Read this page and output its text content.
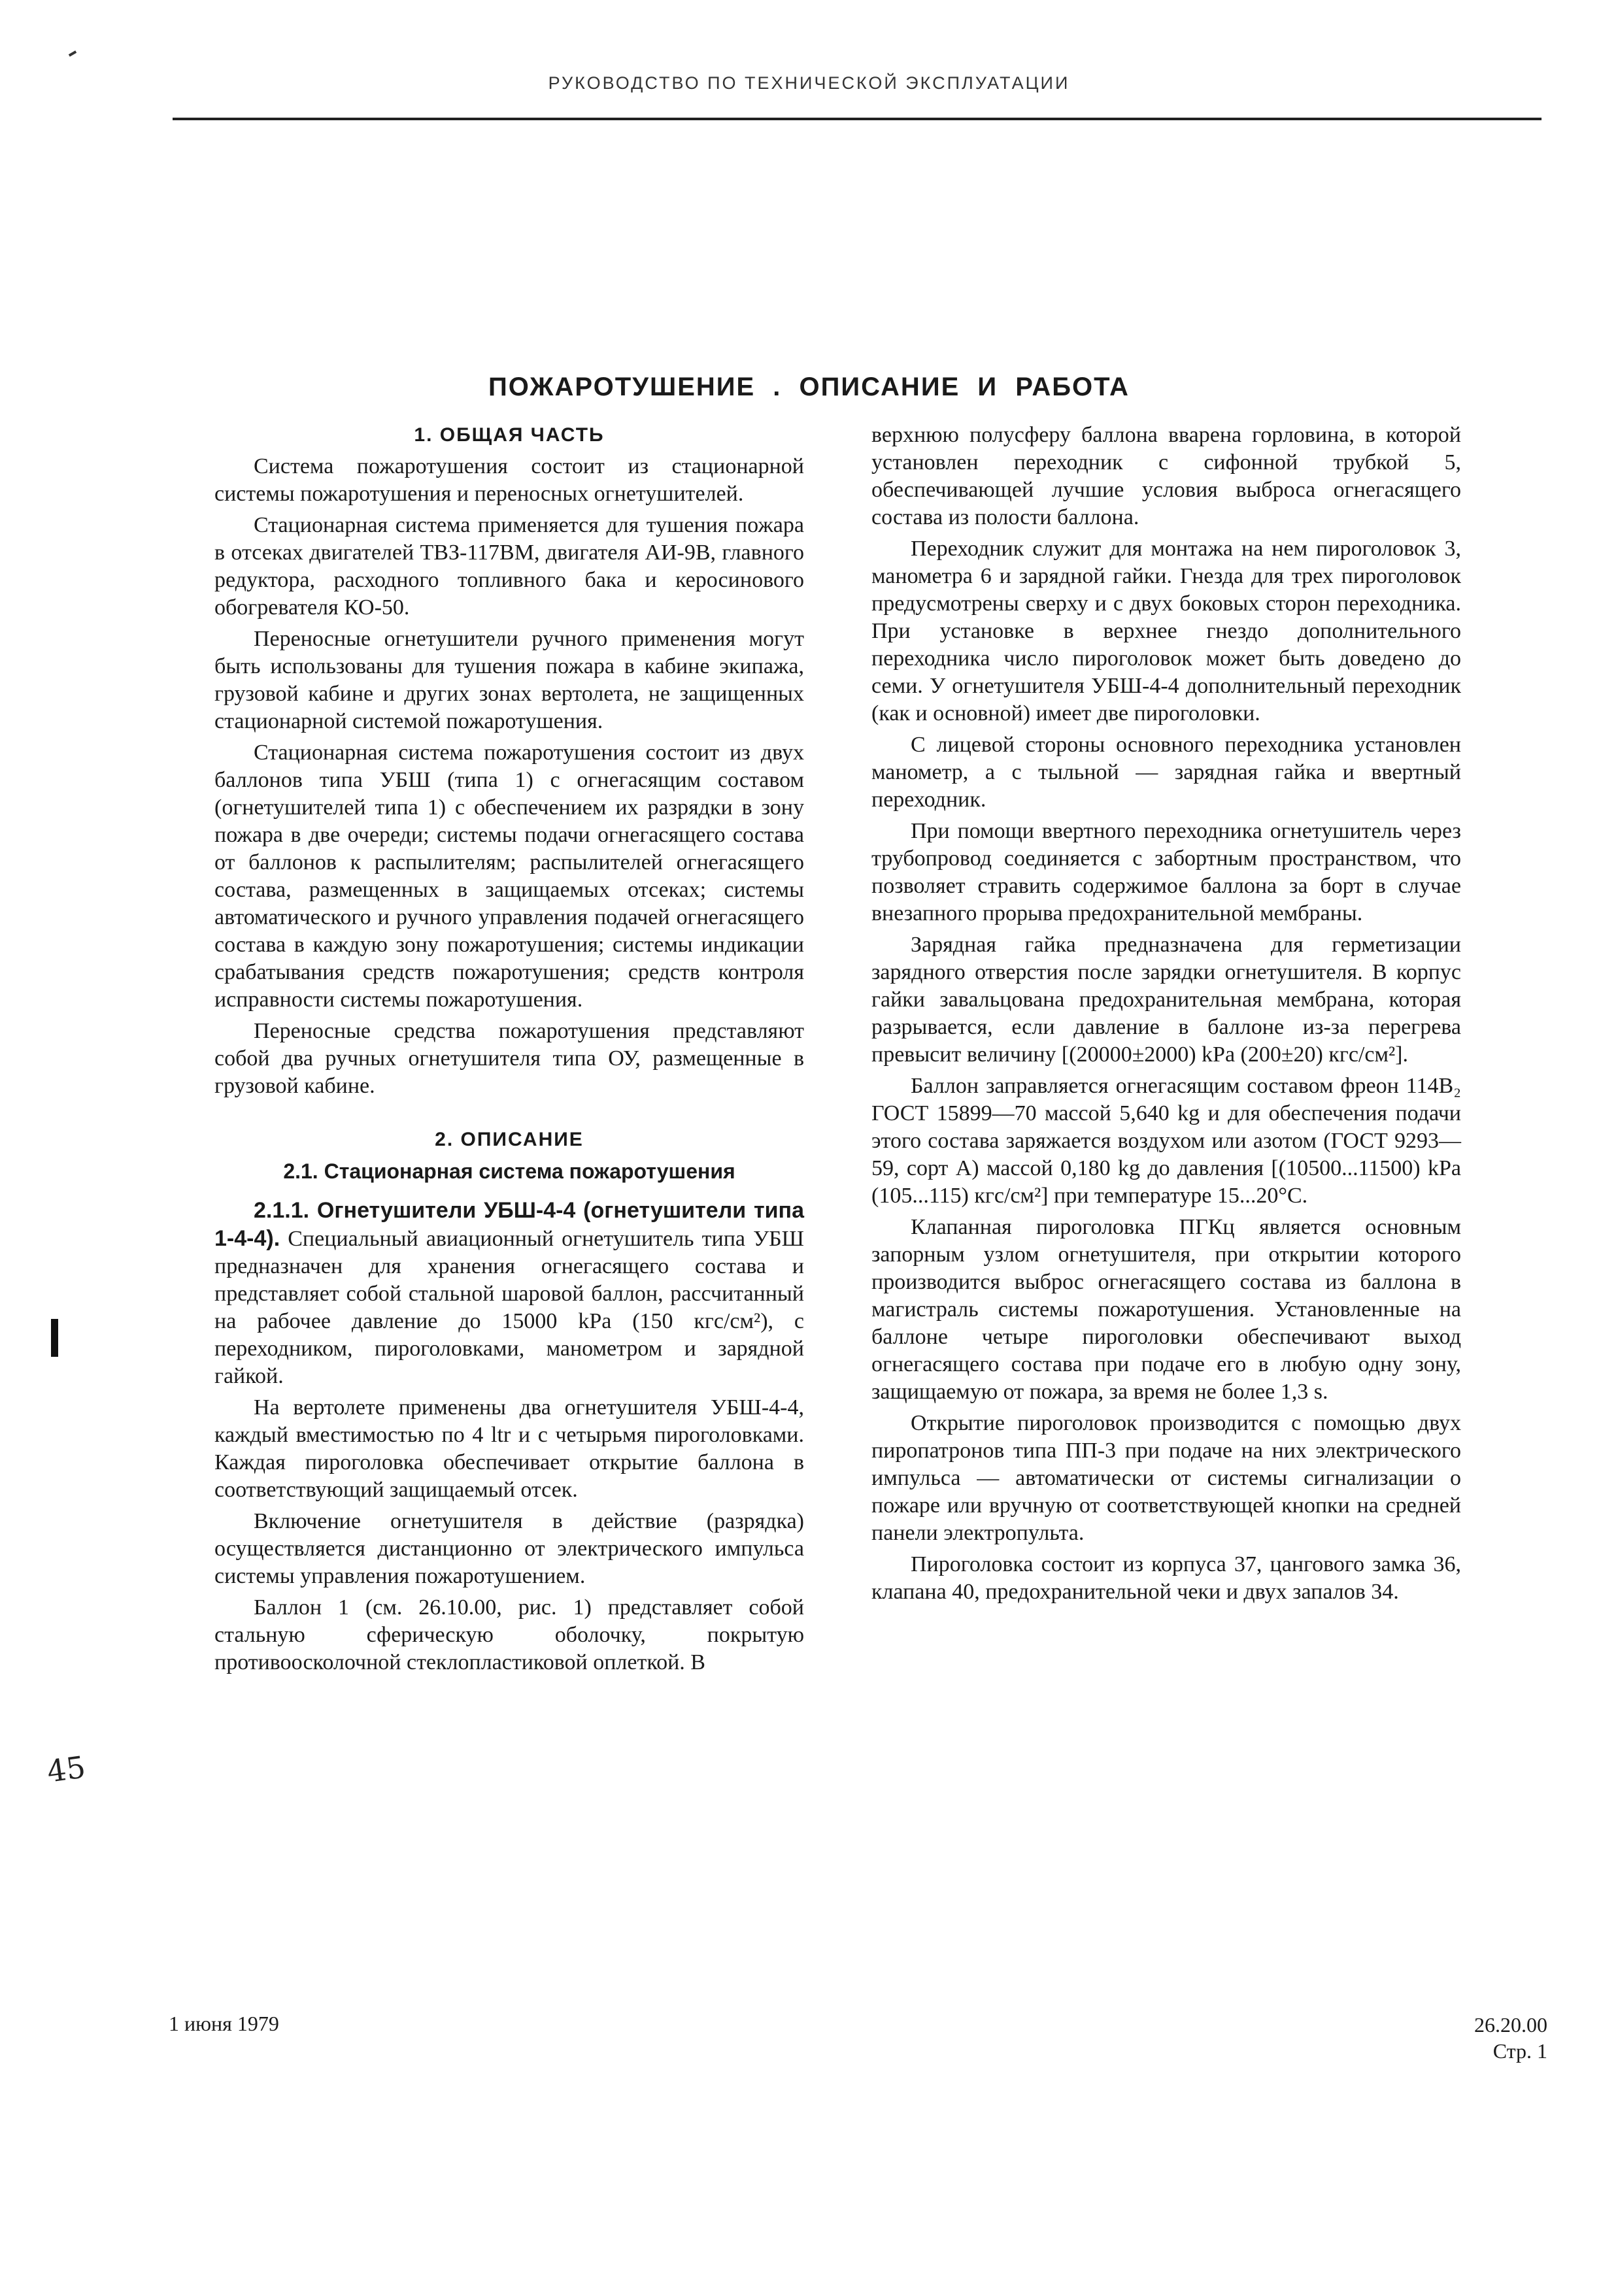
РУКОВОДСТВО ПО ТЕХНИЧЕСКОЙ ЭКСПЛУАТАЦИИ
45
ПОЖАРОТУШЕНИЕ . ОПИСАНИЕ И РАБОТА
1. ОБЩАЯ ЧАСТЬ

Система пожаротушения состоит из стационарной системы пожаротушения и переносных огнетушителей.

Стационарная система применяется для тушения пожара в отсеках двигателей ТВЗ-117ВМ, двигателя АИ-9В, главного редуктора, расходного топливного бака и керосинового обогревателя КО-50.

Переносные огнетушители ручного применения могут быть использованы для тушения пожара в кабине экипажа, грузовой кабине и других зонах вертолета, не защищенных стационарной системой пожаротушения.

Стационарная система пожаротушения состоит из двух баллонов типа УБШ (типа 1) с огнегасящим составом (огнетушителей типа 1) с обеспечением их разрядки в зону пожара в две очереди; системы подачи огнегасящего состава от баллонов к распылителям; распылителей огнегасящего состава, размещенных в защищаемых отсеках; системы автоматического и ручного управления подачей огнегасящего состава в каждую зону пожаротушения; системы индикации срабатывания средств пожаротушения; средств контроля исправности системы пожаротушения.

Переносные средства пожаротушения представляют собой два ручных огнетушителя типа ОУ, размещенные в грузовой кабине.

2. ОПИСАНИЕ
2.1. Стационарная система пожаротушения

2.1.1. Огнетушители УБШ-4-4 (огнетушители типа 1-4-4). Специальный авиационный огнетушитель типа УБШ предназначен для хранения огнегасящего состава и представляет собой стальной шаровой баллон, рассчитанный на рабочее давление до 15000 kPa (150 кгс/см²), с переходником, пироголовками, манометром и зарядной гайкой.

На вертолете применены два огнетушителя УБШ-4-4, каждый вместимостью по 4 ltr и с четырьмя пироголовками. Каждая пироголовка обеспечивает открытие баллона в соответствующий защищаемый отсек.

Включение огнетушителя в действие (разрядка) осуществляется дистанционно от электрического импульса системы управления пожаротушением.

Баллон 1 (см. 26.10.00, рис. 1) представляет собой стальную сферическую оболочку, покрытую противоосколочной стеклопластиковой оплеткой. В

верхнюю полусферу баллона вварена горловина, в которой установлен переходник с сифонной трубкой 5, обеспечивающей лучшие условия выброса огнегасящего состава из полости баллона.

Переходник служит для монтажа на нем пироголовок 3, манометра 6 и зарядной гайки. Гнезда для трех пироголовок предусмотрены сверху и с двух боковых сторон переходника. При установке в верхнее гнездо дополнительного переходника число пироголовок может быть доведено до семи. У огнетушителя УБШ-4-4 дополнительный переходник (как и основной) имеет две пироголовки.

С лицевой стороны основного переходника установлен манометр, а с тыльной — зарядная гайка и ввертный переходник.

При помощи ввертного переходника огнетушитель через трубопровод соединяется с забортным пространством, что позволяет стравить содержимое баллона за борт в случае внезапного прорыва предохранительной мембраны.

Зарядная гайка предназначена для герметизации зарядного отверстия после зарядки огнетушителя. В корпус гайки завальцована предохранительная мембрана, которая разрывается, если давление в баллоне из-за перегрева превысит величину [(20000±2000) kPa (200±20) кгс/см²].

Баллон заправляется огнегасящим составом фреон 114В₂ ГОСТ 15899—70 массой 5,640 kg и для обеспечения подачи этого состава заряжается воздухом или азотом (ГОСТ 9293—59, сорт А) массой 0,180 kg до давления [(10500...11500) kPa (105...115) кгс/см²] при температуре 15...20°С.

Клапанная пироголовка ПГКц является основным запорным узлом огнетушителя, при открытии которого производится выброс огнегасящего состава из баллона в магистраль системы пожаротушения. Установленные на баллоне четыре пироголовки обеспечивают выход огнегасящего состава при подаче его в любую одну зону, защищаемую от пожара, за время не более 1,3 s.

Открытие пироголовок производится с помощью двух пиропатронов типа ПП-3 при подаче на них электрического импульса — автоматически от системы сигнализации о пожаре или вручную от соответствующей кнопки на средней панели электропульта.

Пироголовка состоит из корпуса 37, цангового замка 36, клапана 40, предохранительной чеки и двух запалов 34.

1 июня 1979	26.20.00
Стр. 1
